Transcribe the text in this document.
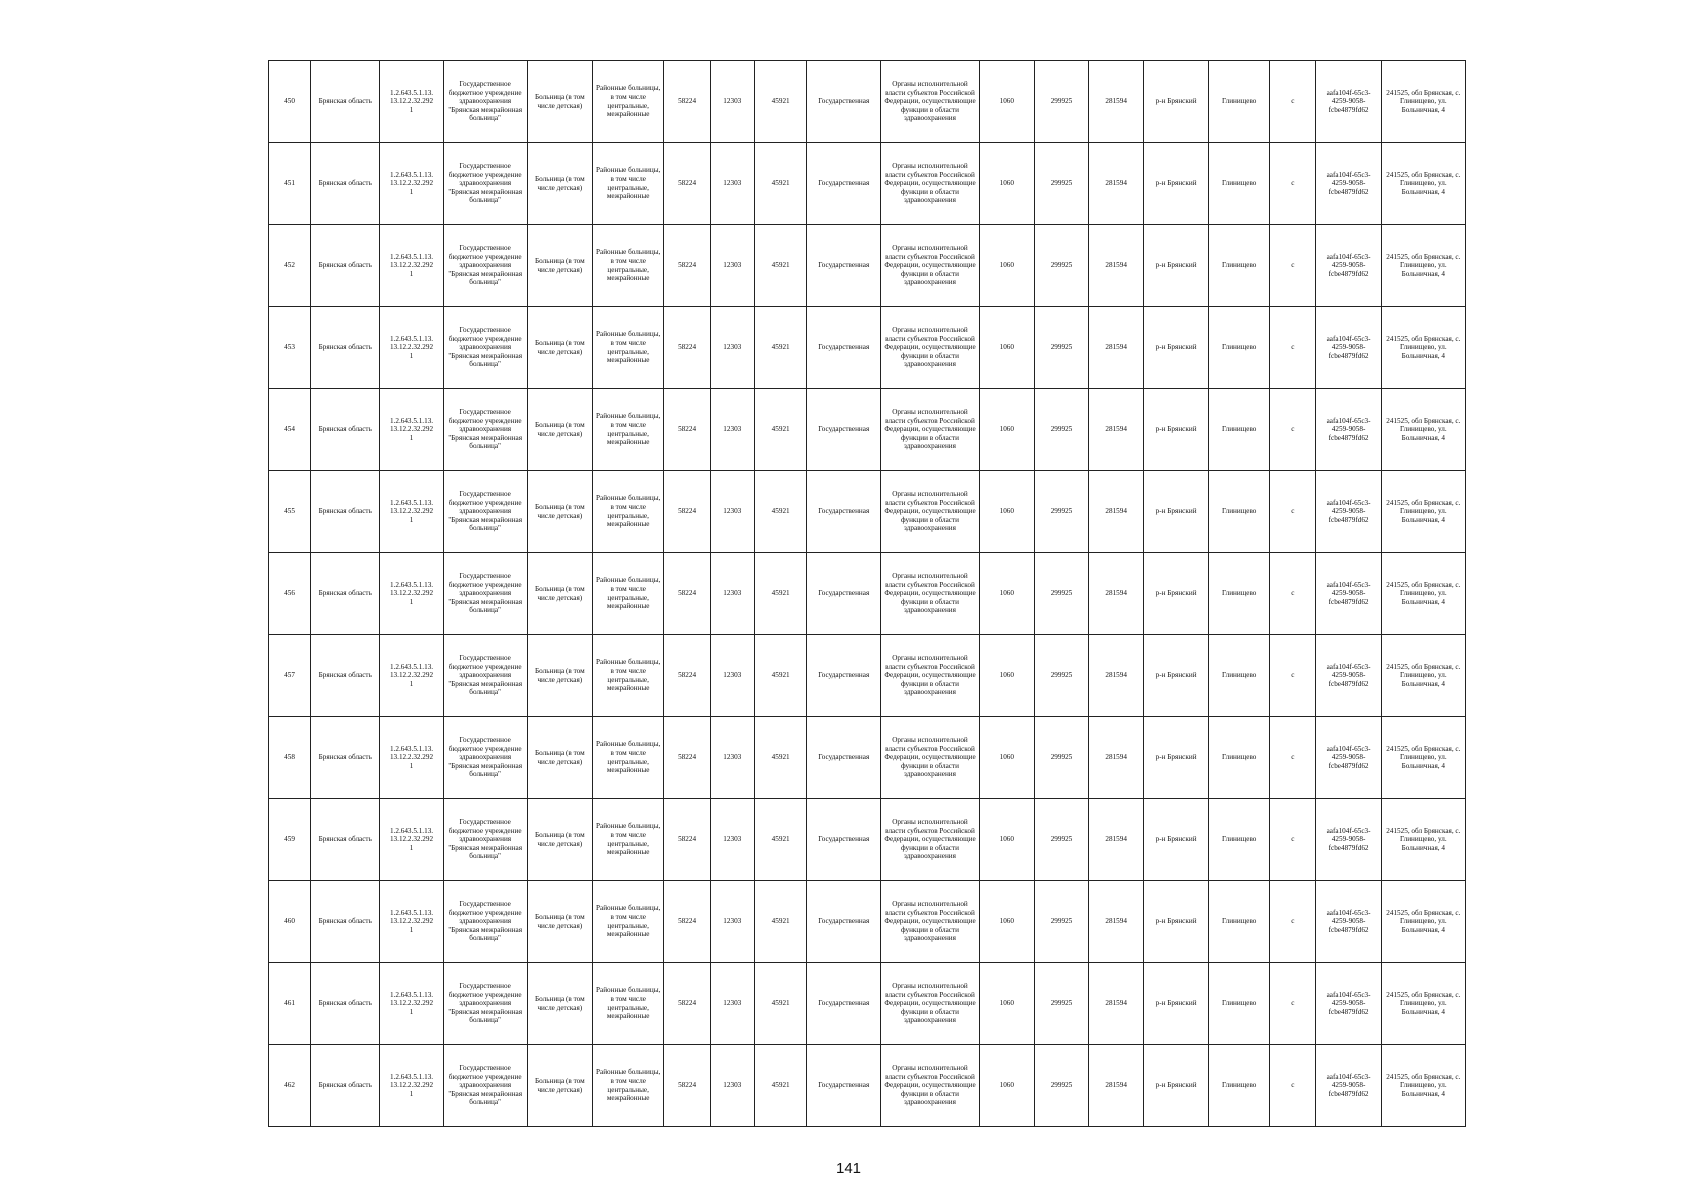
450	Брянская область	1.2.643.5.1.13.
13.12.2.32.292
1	Государственное бюджетное учреждение здравоохранения "Брянская межрайонная больница"	Больница (в том числе детская)	Районные больницы, в том числе центральные, межрайонные	58224	12303	45921	Государственная	Органы исполнительной власти субъектов Российской Федерации, осуществляющие функции в области здравоохранения	1060	299925	281594	р-н Брянский	Глинищево	с	aafa104f-65c3-
4259-9058-
fcbe4879fd62	241525, обл Брянская, с. Глинищево, ул. Больничная, 4
451	Брянская область	1.2.643.5.1.13.
13.12.2.32.292
1	Государственное бюджетное учреждение здравоохранения "Брянская межрайонная больница"	Больница (в том числе детская)	Районные больницы, в том числе центральные, межрайонные	58224	12303	45921	Государственная	Органы исполнительной власти субъектов Российской Федерации, осуществляющие функции в области здравоохранения	1060	299925	281594	р-н Брянский	Глинищево	с	aafa104f-65c3-
4259-9058-
fcbe4879fd62	241525, обл Брянская, с. Глинищево, ул. Больничная, 4
452	Брянская область	1.2.643.5.1.13.
13.12.2.32.292
1	Государственное бюджетное учреждение здравоохранения "Брянская межрайонная больница"	Больница (в том числе детская)	Районные больницы, в том числе центральные, межрайонные	58224	12303	45921	Государственная	Органы исполнительной власти субъектов Российской Федерации, осуществляющие функции в области здравоохранения	1060	299925	281594	р-н Брянский	Глинищево	с	aafa104f-65c3-
4259-9058-
fcbe4879fd62	241525, обл Брянская, с. Глинищево, ул. Больничная, 4
453	Брянская область	1.2.643.5.1.13.
13.12.2.32.292
1	Государственное бюджетное учреждение здравоохранения "Брянская межрайонная больница"	Больница (в том числе детская)	Районные больницы, в том числе центральные, межрайонные	58224	12303	45921	Государственная	Органы исполнительной власти субъектов Российской Федерации, осуществляющие функции в области здравоохранения	1060	299925	281594	р-н Брянский	Глинищево	с	aafa104f-65c3-
4259-9058-
fcbe4879fd62	241525, обл Брянская, с. Глинищево, ул. Больничная, 4
454	Брянская область	1.2.643.5.1.13.
13.12.2.32.292
1	Государственное бюджетное учреждение здравоохранения "Брянская межрайонная больница"	Больница (в том числе детская)	Районные больницы, в том числе центральные, межрайонные	58224	12303	45921	Государственная	Органы исполнительной власти субъектов Российской Федерации, осуществляющие функции в области здравоохранения	1060	299925	281594	р-н Брянский	Глинищево	с	aafa104f-65c3-
4259-9058-
fcbe4879fd62	241525, обл Брянская, с. Глинищево, ул. Больничная, 4
455	Брянская область	1.2.643.5.1.13.
13.12.2.32.292
1	Государственное бюджетное учреждение здравоохранения "Брянская межрайонная больница"	Больница (в том числе детская)	Районные больницы, в том числе центральные, межрайонные	58224	12303	45921	Государственная	Органы исполнительной власти субъектов Российской Федерации, осуществляющие функции в области здравоохранения	1060	299925	281594	р-н Брянский	Глинищево	с	aafa104f-65c3-
4259-9058-
fcbe4879fd62	241525, обл Брянская, с. Глинищево, ул. Больничная, 4
456	Брянская область	1.2.643.5.1.13.
13.12.2.32.292
1	Государственное бюджетное учреждение здравоохранения "Брянская межрайонная больница"	Больница (в том числе детская)	Районные больницы, в том числе центральные, межрайонные	58224	12303	45921	Государственная	Органы исполнительной власти субъектов Российской Федерации, осуществляющие функции в области здравоохранения	1060	299925	281594	р-н Брянский	Глинищево	с	aafa104f-65c3-
4259-9058-
fcbe4879fd62	241525, обл Брянская, с. Глинищево, ул. Больничная, 4
457	Брянская область	1.2.643.5.1.13.
13.12.2.32.292
1	Государственное бюджетное учреждение здравоохранения "Брянская межрайонная больница"	Больница (в том числе детская)	Районные больницы, в том числе центральные, межрайонные	58224	12303	45921	Государственная	Органы исполнительной власти субъектов Российской Федерации, осуществляющие функции в области здравоохранения	1060	299925	281594	р-н Брянский	Глинищево	с	aafa104f-65c3-
4259-9058-
fcbe4879fd62	241525, обл Брянская, с. Глинищево, ул. Больничная, 4
458	Брянская область	1.2.643.5.1.13.
13.12.2.32.292
1	Государственное бюджетное учреждение здравоохранения "Брянская межрайонная больница"	Больница (в том числе детская)	Районные больницы, в том числе центральные, межрайонные	58224	12303	45921	Государственная	Органы исполнительной власти субъектов Российской Федерации, осуществляющие функции в области здравоохранения	1060	299925	281594	р-н Брянский	Глинищево	с	aafa104f-65c3-
4259-9058-
fcbe4879fd62	241525, обл Брянская, с. Глинищево, ул. Больничная, 4
459	Брянская область	1.2.643.5.1.13.
13.12.2.32.292
1	Государственное бюджетное учреждение здравоохранения "Брянская межрайонная больница"	Больница (в том числе детская)	Районные больницы, в том числе центральные, межрайонные	58224	12303	45921	Государственная	Органы исполнительной власти субъектов Российской Федерации, осуществляющие функции в области здравоохранения	1060	299925	281594	р-н Брянский	Глинищево	с	aafa104f-65c3-
4259-9058-
fcbe4879fd62	241525, обл Брянская, с. Глинищево, ул. Больничная, 4
460	Брянская область	1.2.643.5.1.13.
13.12.2.32.292
1	Государственное бюджетное учреждение здравоохранения "Брянская межрайонная больница"	Больница (в том числе детская)	Районные больницы, в том числе центральные, межрайонные	58224	12303	45921	Государственная	Органы исполнительной власти субъектов Российской Федерации, осуществляющие функции в области здравоохранения	1060	299925	281594	р-н Брянский	Глинищево	с	aafa104f-65c3-
4259-9058-
fcbe4879fd62	241525, обл Брянская, с. Глинищево, ул. Больничная, 4
461	Брянская область	1.2.643.5.1.13.
13.12.2.32.292
1	Государственное бюджетное учреждение здравоохранения "Брянская межрайонная больница"	Больница (в том числе детская)	Районные больницы, в том числе центральные, межрайонные	58224	12303	45921	Государственная	Органы исполнительной власти субъектов Российской Федерации, осуществляющие функции в области здравоохранения	1060	299925	281594	р-н Брянский	Глинищево	с	aafa104f-65c3-
4259-9058-
fcbe4879fd62	241525, обл Брянская, с. Глинищево, ул. Больничная, 4
462	Брянская область	1.2.643.5.1.13.
13.12.2.32.292
1	Государственное бюджетное учреждение здравоохранения "Брянская межрайонная больница"	Больница (в том числе детская)	Районные больницы, в том числе центральные, межрайонные	58224	12303	45921	Государственная	Органы исполнительной власти субъектов Российской Федерации, осуществляющие функции в области здравоохранения	1060	299925	281594	р-н Брянский	Глинищево	с	aafa104f-65c3-
4259-9058-
fcbe4879fd62	241525, обл Брянская, с. Глинищево, ул. Больничная, 4
141
